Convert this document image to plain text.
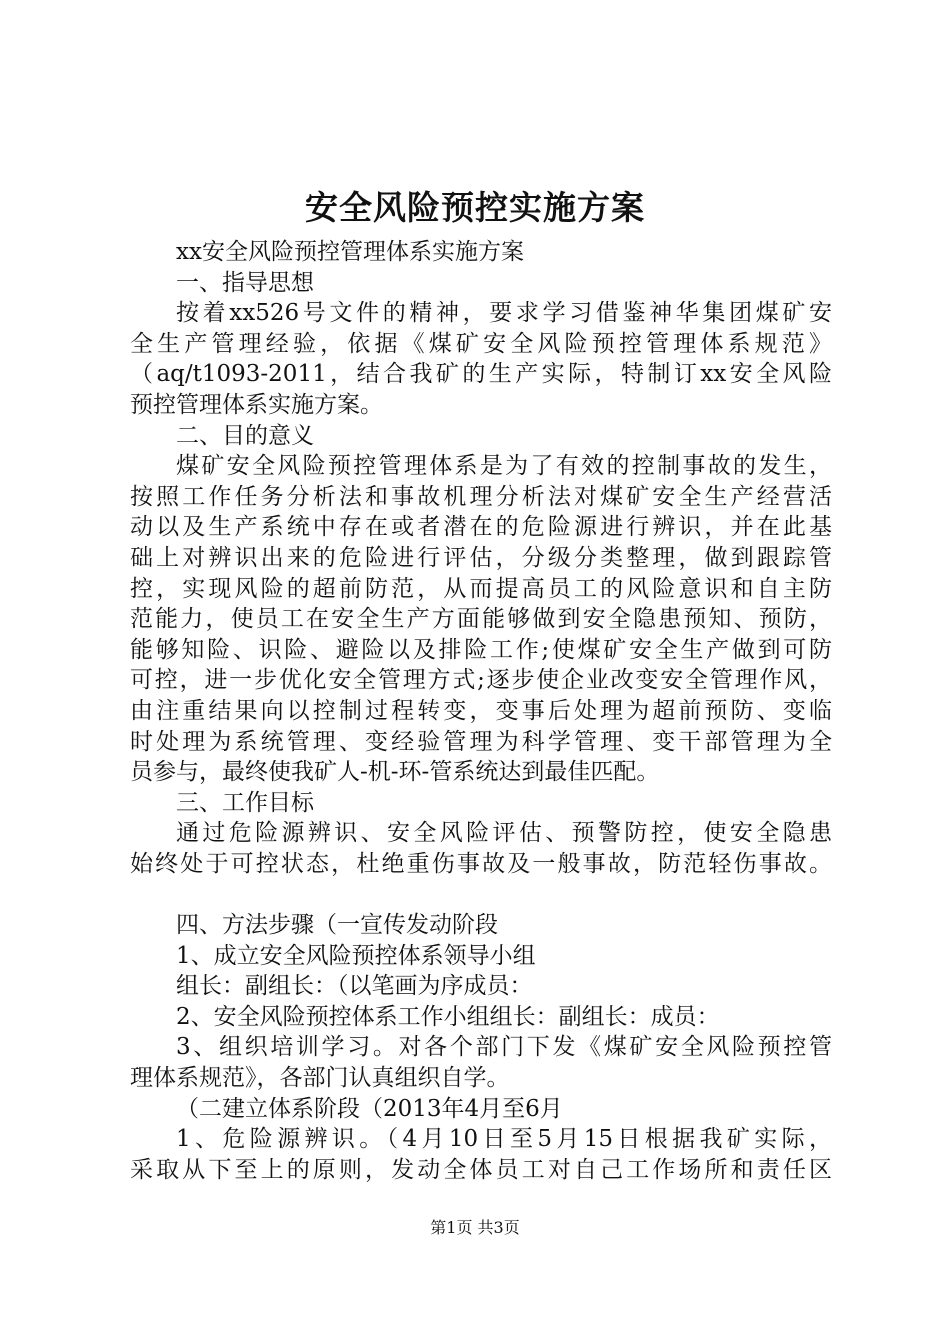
安全风险预控实施方案
xx安全风险预控管理体系实施方案
一、指导思想
按着xx526号文件的精神，要求学习借鉴神华集团煤矿安
全生产管理经验，依据《煤矿安全风险预控管理体系规范》
（aq/t1093-2011，结合我矿的生产实际，特制订xx安全风险
预控管理体系实施方案。
二、目的意义
煤矿安全风险预控管理体系是为了有效的控制事故的发生，
按照工作任务分析法和事故机理分析法对煤矿安全生产经营活
动以及生产系统中存在或者潜在的危险源进行辨识，并在此基
础上对辨识出来的危险进行评估，分级分类整理，做到跟踪管
控，实现风险的超前防范，从而提高员工的风险意识和自主防
范能力，使员工在安全生产方面能够做到安全隐患预知、预防，
能够知险、识险、避险以及排险工作;使煤矿安全生产做到可防
可控，进一步优化安全管理方式;逐步使企业改变安全管理作风，
由注重结果向以控制过程转变，变事后处理为超前预防、变临
时处理为系统管理、变经验管理为科学管理、变干部管理为全
员参与，最终使我矿人-机-环-管系统达到最佳匹配。
三、工作目标
通过危险源辨识、安全风险评估、预警防控，使安全隐患
始终处于可控状态，杜绝重伤事故及一般事故，防范轻伤事故。
四、方法步骤（一宣传发动阶段
1、成立安全风险预控体系领导小组
组长：副组长：（以笔画为序成员：
2、安全风险预控体系工作小组组长：副组长：成员：
3、组织培训学习。对各个部门下发《煤矿安全风险预控管
理体系规范》，各部门认真组织自学。
（二建立体系阶段（2013年4月至6月
1、危险源辨识。（4月10日至5月15日根据我矿实际，
采取从下至上的原则，发动全体员工对自己工作场所和责任区
第1页 共3页
